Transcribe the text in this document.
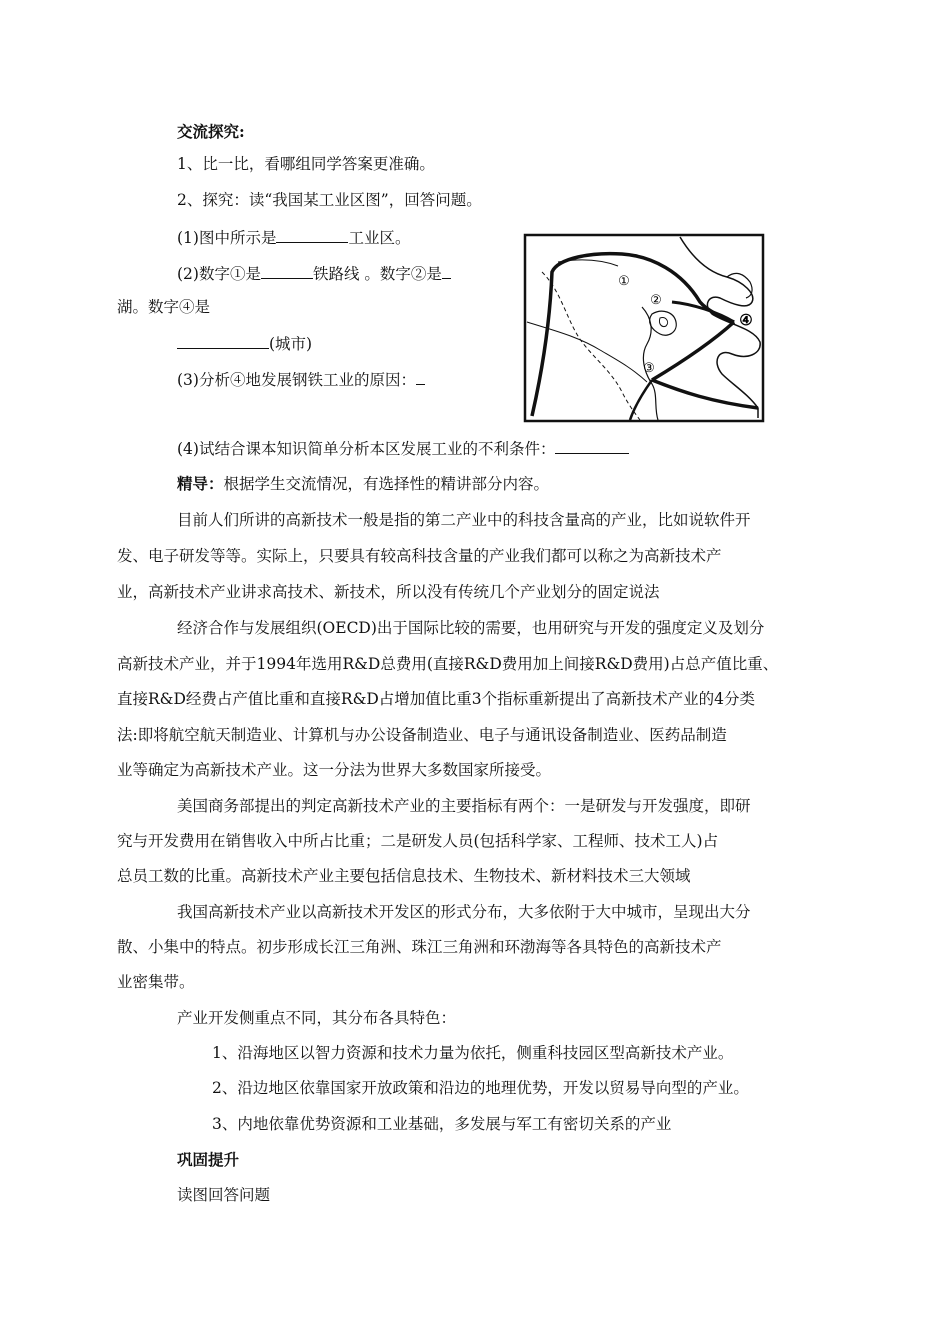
交流探究:
1、比一比，看哪组同学答案更准确。
2、探究：读“我国某工业区图”，回答问题。
(1)图中所示是	工业区。
(2)数字①是	铁路线 。数字②是
湖。数字④是
(城市)
(3)分析④地发展钢铁工业的原因：
①
②
③
④
(4)试结合课本知识简单分析本区发展工业的不利条件：
精导：根据学生交流情况，有选择性的精讲部分内容。
目前人们所讲的高新技术一般是指的第二产业中的科技含量高的产业，比如说软件开
发、电子研发等等。实际上，只要具有较高科技含量的产业我们都可以称之为高新技术产
业，高新技术产业讲求高技术、新技术，所以没有传统几个产业划分的固定说法
经济合作与发展组织(OECD)出于国际比较的需要，也用研究与开发的强度定义及划分
高新技术产业，并于1994年选用R&D总费用(直接R&D费用加上间接R&D费用)占总产值比重、
直接R&D经费占产值比重和直接R&D占增加值比重3个指标重新提出了高新技术产业的4分类
法:即将航空航天制造业、计算机与办公设备制造业、电子与通讯设备制造业、医药品制造
业等确定为高新技术产业。这一分法为世界大多数国家所接受。
美国商务部提出的判定高新技术产业的主要指标有两个：一是研发与开发强度，即研
究与开发费用在销售收入中所占比重；二是研发人员(包括科学家、工程师、技术工人)占
总员工数的比重。高新技术产业主要包括信息技术、生物技术、新材料技术三大领域
我国高新技术产业以高新技术开发区的形式分布，大多依附于大中城市，呈现出大分
散、小集中的特点。初步形成长江三角洲、珠江三角洲和环渤海等各具特色的高新技术产
业密集带。
产业开发侧重点不同，其分布各具特色：
1、沿海地区以智力资源和技术力量为依托，侧重科技园区型高新技术产业。
2、沿边地区依靠国家开放政策和沿边的地理优势，开发以贸易导向型的产业。
3、内地依靠优势资源和工业基础，多发展与军工有密切关系的产业
巩固提升
读图回答问题
